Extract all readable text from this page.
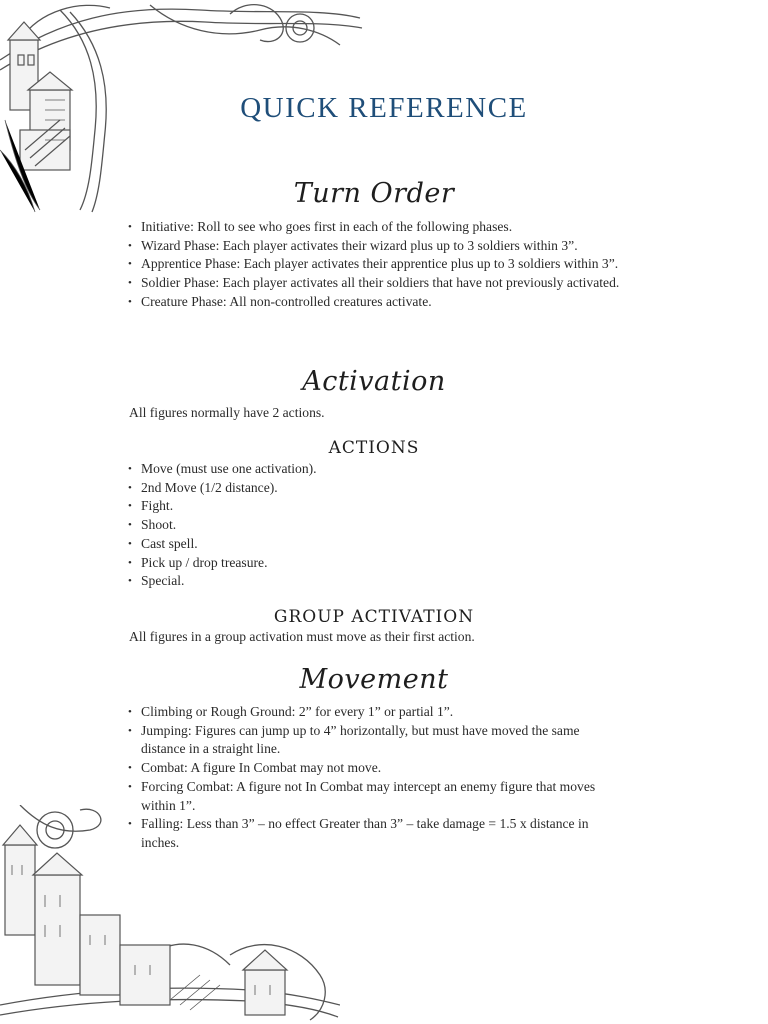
QUICK REFERENCE
Turn Order
• Initiative: Roll to see who goes first in each of the following phases.
• Wizard Phase: Each player activates their wizard plus up to 3 soldiers within 3”.
• Apprentice Phase: Each player activates their apprentice plus up to 3 soldiers within 3”.
• Soldier Phase: Each player activates all their soldiers that have not previously activated.
• Creature Phase: All non-controlled creatures activate.
Activation
All figures normally have 2 actions.
ACTIONS
• Move (must use one activation).
• 2nd Move (1/2 distance).
• Fight.
• Shoot.
• Cast spell.
• Pick up / drop treasure.
• Special.
GROUP ACTIVATION
All figures in a group activation must move as their first action.
Movement
• Climbing or Rough Ground: 2” for every 1” or partial 1”.
• Jumping: Figures can jump up to 4” horizontally, but must have moved the same distance in a straight line.
• Combat: A figure In Combat may not move.
• Forcing Combat: A figure not In Combat may intercept an enemy figure that moves within 1”.
• Falling: Less than 3” – no effect Greater than 3” – take damage = 1.5 x distance in inches.
